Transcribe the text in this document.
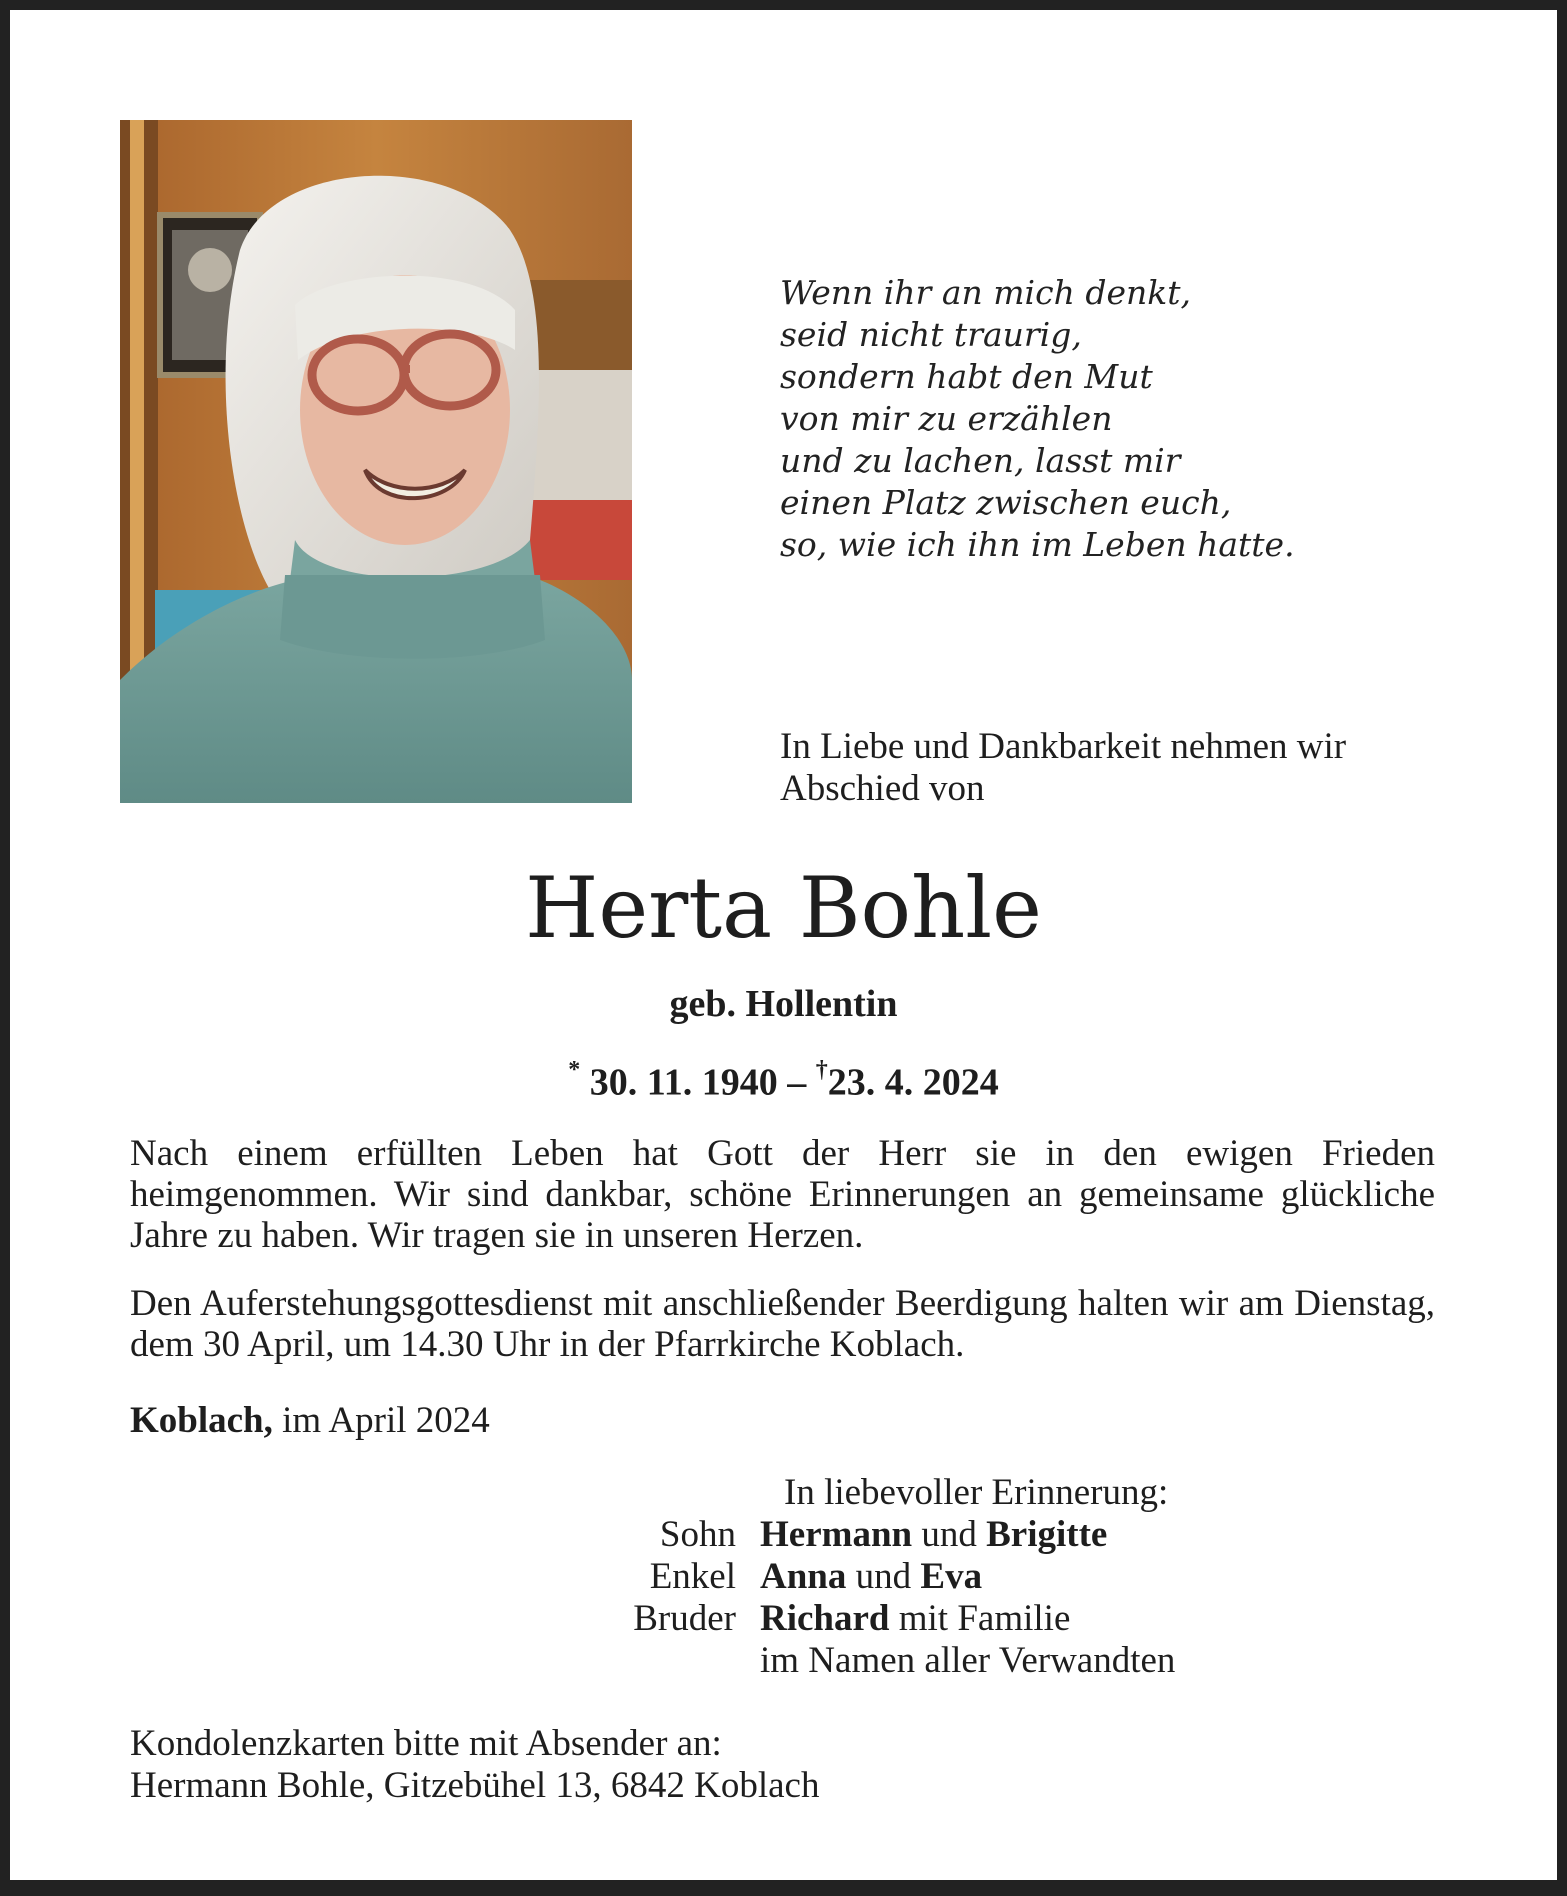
Wenn ihr an mich denkt,
seid nicht traurig,
sondern habt den Mut
von mir zu erzählen
und zu lachen, lasst mir
einen Platz zwischen euch,
so, wie ich ihn im Leben hatte.
In Liebe und Dankbarkeit nehmen wir
Abschied von
Herta Bohle
geb. Hollentin
* 30. 11. 1940 – †23. 4. 2024
Nach einem erfüllten Leben hat Gott der Herr sie in den ewigen Frieden heimgenommen. Wir sind dankbar, schöne Erinnerungen an gemeinsame glückliche Jahre zu haben. Wir tragen sie in unseren Herzen.
Den Auferstehungsgottesdienst mit anschließender Beerdigung halten wir am Dienstag, dem 30 April, um 14.30 Uhr in der Pfarrkirche Koblach.
Koblach, im April 2024
In liebevoller Erinnerung:
Sohn Hermann und Brigitte
Enkel Anna und Eva
Bruder Richard mit Familie
im Namen aller Verwandten
Kondolenzkarten bitte mit Absender an:
Hermann Bohle, Gitzebühel 13, 6842 Koblach
